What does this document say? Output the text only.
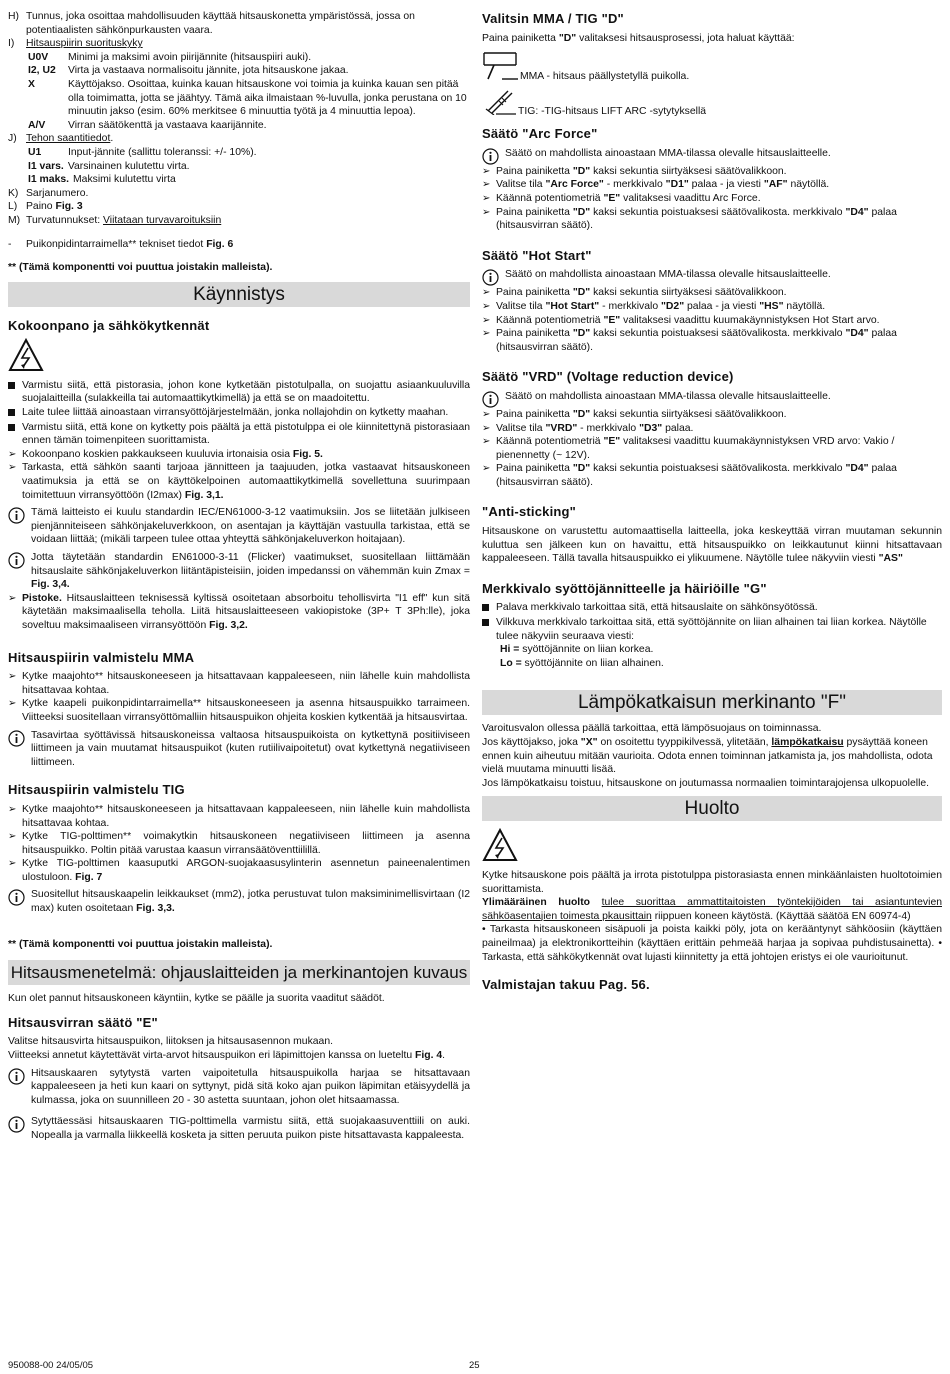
H) Tunnus, joka osoittaa mahdollisuuden käyttää hitsauskonetta ympäristössä, jossa on potentiaalisten sähkönpurkausten vaara.
I)	Hitsauspiirin suorituskyky
U0V	Minimi ja maksimi avoin piirijännite (hitsauspiiri auki).
I2, U2	Virta ja vastaava normalisoitu jännite, jota hitsauskone jakaa.
X	Käyttöjakso. Osoittaa, kuinka kauan hitsauskone voi toimia ja kuinka kauan sen pitää olla toimimatta, jotta se jäähtyy. Tämä aika ilmaistaan %-luvulla, jonka perustana on 10 minuutin jakso (esim. 60% merkitsee 6 minuuttia työtä ja 4 minuuttia lepoa).
A/V	Virran säätökenttä ja vastaava kaarijännite.
J) Tehon saantitiedot.
U1	Input-jännite (sallittu toleranssi: +/- 10%).
I1 vars. Varsinainen kulutettu virta.
I1 maks. Maksimi kulutettu virta
K) Sarjanumero.
L) Paino Fig. 3
M) Turvatunnukset: Viitataan turvavaroituksiin
-	Puikonpidintarraimella** tekniset tiedot Fig. 6

** (Tämä komponentti voi puuttua joistakin malleista).

Käynnistys
Kokoonpano ja sähkökytkennät
Varmistu siitä, että pistorasia, johon kone kytketään pistotulpalla, on suojattu asiaankuuluvilla suojalaitteilla (sulakkeilla tai automaattikytkimellä) ja että se on maadoitettu.
Laite tulee liittää ainoastaan virransyöttöjärjestelmään, jonka nollajohdin on kytketty maahan.
Varmistu siitä, että kone on kytketty pois päältä ja että pistotulppa ei ole kiinnitettynä pistorasiaan ennen tämän toimenpiteen suorittamista.
➢ Kokoonpano koskien pakkaukseen kuuluvia irtonaisia osia Fig. 5.
➢ Tarkasta, että sähkön saanti tarjoaa jännitteen ja taajuuden, jotka vastaavat hitsauskoneen vaatimuksia ja että se on käyttökelpoinen automaattikytkimellä sovellettuna suurimpaan toimitettuun virransyöttöön (I2max) Fig. 3,1.
Tämä laitteisto ei kuulu standardin IEC/EN61000-3-12 vaatimuksiin. Jos se liitetään julkiseen pienjänniteiseen sähkönjakeluverkkoon, on asentajan ja käyttäjän vastuulla tarkistaa, että se voidaan liittää; (mikäli tarpeen tulee ottaa yhteyttä sähkönjakeluverkon hoitajaan).
Jotta täytetään standardin EN61000-3-11 (Flicker) vaatimukset, suositellaan liittämään hitsauslaite sähkönjakeluverkon liitäntäpisteisiin, joiden impedanssi on vähemmän kuin Zmax = Fig. 3,4.
➢ Pistoke. Hitsauslaitteen teknisessä kyltissä osoitetaan absorboitu tehollisvirta "I1 eff" kun sitä käytetään maksimaalisella teholla. Liitä hitsauslaitteeseen vakiopistoke (3P+ T 3Ph:lle), joka soveltuu maksimaaliseen virransyöttöön Fig. 3,2.
Hitsauspiirin valmistelu MMA
➢ Kytke maajohto** hitsauskoneeseen ja hitsattavaan kappaleeseen, niin lähelle kuin mahdollista hitsattavaa kohtaa.
➢ Kytke kaapeli puikonpidintarraimella** hitsauskoneeseen ja asenna hitsauspuikko tarraimeen. Viitteeksi suositellaan virransyöttömalliin hitsauspuikon ohjeita koskien kytkentää ja hitsausvirtaa.
Tasavirtaa syöttävissä hitsauskoneissa valtaosa hitsauspuikoista on kytkettynä positiiviseen liittimeen ja vain muutamat hitsauspuikot (kuten rutiilivaipoitetut) ovat kytkettynä negatiiviseen liittimeen.
Hitsauspiirin valmistelu TIG
➢ Kytke maajohto** hitsauskoneeseen ja hitsattavaan kappaleeseen, niin lähelle kuin mahdollista hitsattavaa kohtaa.
➢ Kytke TIG-polttimen** voimakytkin hitsauskoneen negatiiviseen liittimeen ja asenna hitsauspuikko. Poltin pitää varustaa kaasun virransäätöventtiilillä.
➢ Kytke TIG-polttimen kaasuputki ARGON-suojakaasusylinterin asennetun paineenalentimen ulostuloon. Fig. 7
Suositellut hitsauskaapelin leikkaukset (mm2), jotka perustuvat tulon maksiminimellisvirtaan (I2 max) kuten osoitetaan Fig. 3,3.

** (Tämä komponentti voi puuttua joistakin malleista).

Hitsausmenetelmä: ohjauslaitteiden ja merkinantojen kuvaus

Kun olet pannut hitsauskoneen käyntiin, kytke se päälle ja suorita vaaditut säädöt.

Hitsausvirran säätö "E"

Valitse hitsausvirta hitsauspuikon, liitoksen ja hitsausasennon mukaan.

Viitteeksi annetut käytettävät virta-arvot hitsauspuikon eri läpimittojen kanssa on lueteltu Fig. 4.

Hitsauskaaren sytytystä varten vaipoitetulla hitsauspuikolla harjaa se hitsattavaan kappaleeseen ja heti kun kaari on syttynyt, pidä sitä koko ajan puikon läpimitan etäisyydellä ja kulmassa, joka on suunnilleen 20 - 30 astetta suuntaan, johon olet hitsaamassa.
Sytyttäessäsi hitsauskaaren TIG-polttimella varmistu siitä, että suojakaasuventtiili on auki. Nopealla ja varmalla liikkeellä kosketa ja sitten peruuta puikon piste hitsattavasta kappaleesta.
Valitsin MMA / TIG "D"

Paina painiketta "D" valitaksesi hitsausprosessi, jota haluat käyttää:

MMA - hitsaus päällystetyllä puikolla.
TIG: -TIG-hitsaus LIFT ARC -sytytyksellä
Säätö "Arc Force"
Säätö on mahdollista ainoastaan MMA-tilassa olevalle hitsauslaitteelle.
➢ Paina painiketta "D" kaksi sekuntia siirtyäksesi säätövalikkoon.
➢ Valitse tila "Arc Force" - merkkivalo "D1" palaa - ja viesti "AF" näytöllä.
➢ Käännä potentiometriä "E" valitaksesi vaadittu Arc Force.
➢ Paina painiketta "D" kaksi sekuntia poistuaksesi säätövalikosta. merkkivalo "D4" palaa (hitsausvirran säätö).
Säätö "Hot Start"
Säätö on mahdollista ainoastaan MMA-tilassa olevalle hitsauslaitteelle.
➢ Paina painiketta "D" kaksi sekuntia siirtyäksesi säätövalikkoon.
➢ Valitse tila "Hot Start" - merkkivalo "D2" palaa - ja viesti "HS" näytöllä.
➢ Käännä potentiometriä "E" valitaksesi vaadittu kuumakäynnistyksen Hot Start arvo.
➢ Paina painiketta "D" kaksi sekuntia poistuaksesi säätövalikosta. merkkivalo "D4" palaa (hitsausvirran säätö).
Säätö "VRD" (Voltage reduction device)
Säätö on mahdollista ainoastaan MMA-tilassa olevalle hitsauslaitteelle.
➢ Paina painiketta "D" kaksi sekuntia siirtyäksesi säätövalikkoon.
➢ Valitse tila "VRD" - merkkivalo "D3" palaa.
➢ Käännä potentiometriä "E" valitaksesi vaadittu kuumakäynnistyksen VRD arvo: Vakio / pienennetty (~ 12V).
➢ Paina painiketta "D" kaksi sekuntia poistuaksesi säätövalikosta. merkkivalo "D4" palaa (hitsausvirran säätö).
"Anti-sticking"

Hitsauskone on varustettu automaattisella laitteella, joka keskeyttää virran muutaman sekunnin kuluttua sen jälkeen kun on havaittu, että hitsauspuikko on leikkautunut kiinni hitsattavaan kappaleeseen. Tällä tavalla hitsauspuikko ei ylikuumene. Näytölle tulee näkyviin viesti "AS"

Merkkivalo syöttöjännitteelle ja häiriöille "G"
Palava merkkivalo tarkoittaa sitä, että hitsauslaite on sähkönsyötössä.
Vilkkuva merkkivalo tarkoittaa sitä, että syöttöjännite on liian alhainen tai liian korkea. Näytölle tulee näkyviin seuraava viesti:

Hi = syöttöjännite on liian korkea.

Lo = syöttöjännite on liian alhainen.

Lämpökatkaisun merkinanto "F"

Varoitusvalon ollessa päällä tarkoittaa, että lämpösuojaus on toiminnassa.

Jos käyttöjakso, joka "X" on osoitettu tyyppikilvessä, ylitetään, lämpökatkaisu pysäyttää koneen ennen kuin aiheutuu mitään vaurioita. Odota ennen toiminnan jatkamista ja, jos mahdollista, odota vielä muutama minuutti lisää.

Jos lämpökatkaisu toistuu, hitsauskone on joutumassa normaalien toimintarajojensa ulkopuolelle.

Huolto

Kytke hitsauskone pois päältä ja irrota pistotulppa pistorasiasta ennen minkäänlaisten huoltotoimien suorittamista.

Ylimääräinen huolto tulee suorittaa ammattitaitoisten työntekijöiden tai asiantuntevien sähköasentajien toimesta pkausittain riippuen koneen käytöstä. (Käyttää säätöä EN 60974-4)

• Tarkasta hitsauskoneen sisäpuoli ja poista kaikki pöly, jota on kerääntynyt sähköosiin (käyttäen paineilmaa) ja elektronikortteihin (käyttäen erittäin pehmeää harjaa ja sopivaa puhdistusainetta). • Tarkasta, että sähkökytkennät ovat lujasti kiinnitetty ja että johtojen eristys ei ole vaurioitunut.

Valmistajan takuu Pag. 56.
950088-00 24/05/05	25
